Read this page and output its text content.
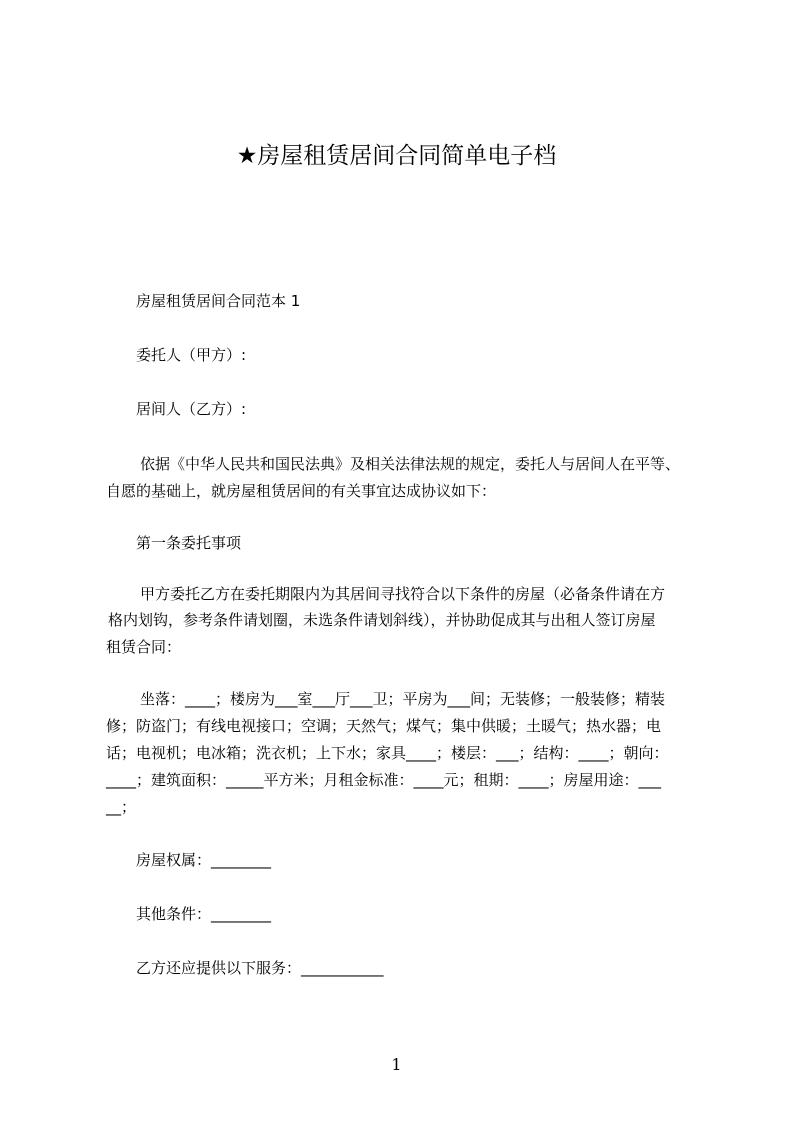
★房屋租赁居间合同简单电子档
房屋租赁居间合同范本 1
委托人（甲方）:
居间人（乙方）:
依据《中华人民共和国民法典》及相关法律法规的规定，委托人与居间人在平等、
自愿的基础上，就房屋租赁居间的有关事宜达成协议如下：
第一条委托事项
甲方委托乙方在委托期限内为其居间寻找符合以下条件的房屋（必备条件请在方
格内划钩，参考条件请划圈，未选条件请划斜线），并协助促成其与出租人签订房屋
租赁合同：
坐落：____；楼房为___室___厅___卫；平房为___间；无装修；一般装修；精装
修；防盗门；有线电视接口；空调；天然气；煤气；集中供暖；土暖气；热水器；电
话；电视机；电冰箱；洗衣机；上下水；家具____；楼层：___；结构：____；朝向：
____；建筑面积：_____平方米；月租金标准：____元；租期：____；房屋用途：___
__；
房屋权属：________
其他条件：________
乙方还应提供以下服务：___________
1
